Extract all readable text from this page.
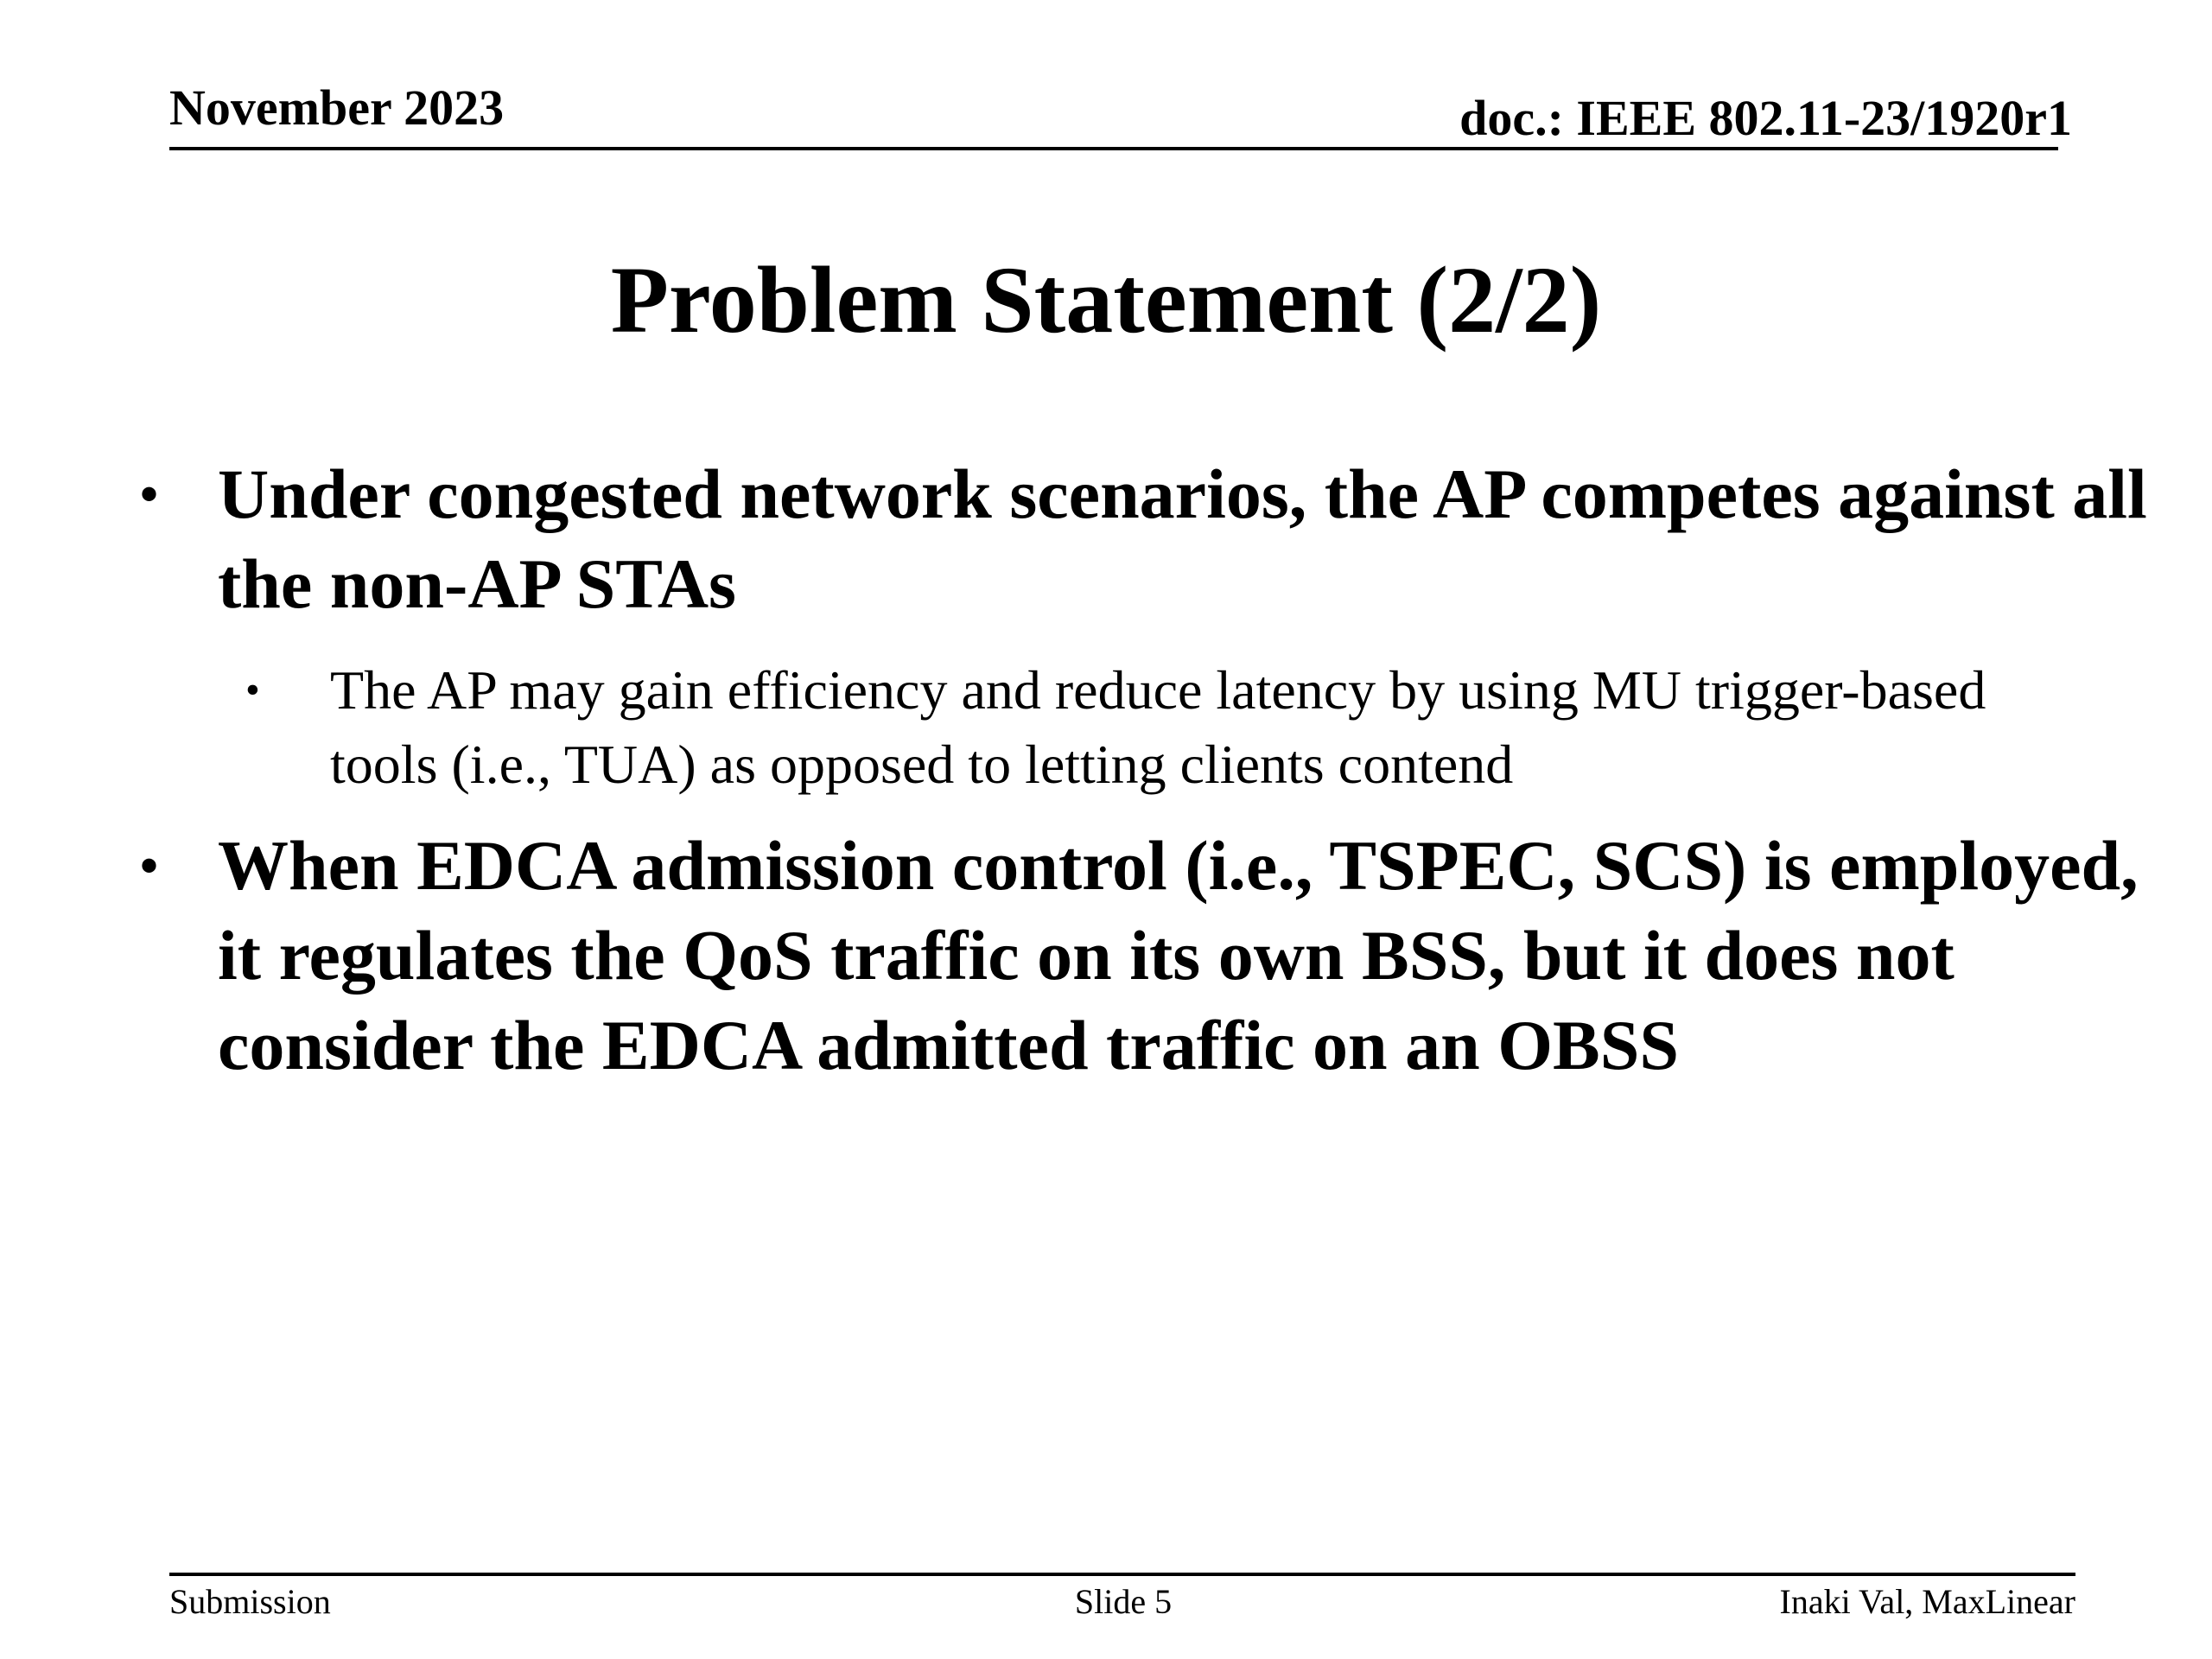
November 2023	doc.: IEEE 802.11-23/1920r1
Problem Statement (2/2)
• Under congested network scenarios, the AP competes against all the non-AP STAs
• The AP may gain efficiency and reduce latency by using MU trigger-based tools (i.e., TUA) as opposed to letting clients contend
• When EDCA admission control (i.e., TSPEC, SCS) is employed, it regulates the QoS traffic on its own BSS, but it does not consider the EDCA admitted traffic on an OBSS
Submission	Slide 5	Inaki Val, MaxLinear
